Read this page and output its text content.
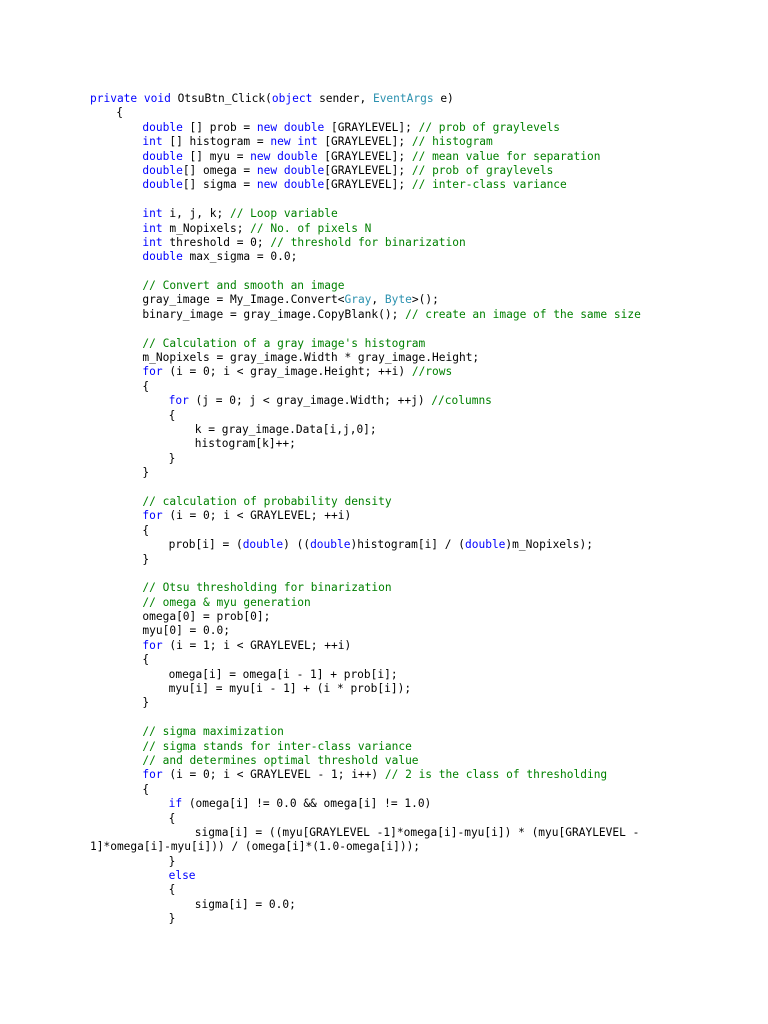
private void OtsuBtn_Click(object sender, EventArgs e)
{
double [] prob = new double [GRAYLEVEL]; // prob of graylevels
int [] histogram = new int [GRAYLEVEL]; // histogram
double [] myu = new double [GRAYLEVEL]; // mean value for separation
double[] omega = new double[GRAYLEVEL]; // prob of graylevels
double[] sigma = new double[GRAYLEVEL]; // inter-class variance
int i, j, k; // Loop variable
int m_Nopixels; // No. of pixels N
int threshold = 0; // threshold for binarization
double max_sigma = 0.0;
// Convert and smooth an image
gray_image = My_Image.Convert<Gray, Byte>();
binary_image = gray_image.CopyBlank(); // create an image of the same size
// Calculation of a gray image's histogram
m_Nopixels = gray_image.Width * gray_image.Height;
for (i = 0; i < gray_image.Height; ++i) //rows
{
for (j = 0; j < gray_image.Width; ++j) //columns
{
k = gray_image.Data[i,j,0];
histogram[k]++;
}
}
// calculation of probability density
for (i = 0; i < GRAYLEVEL; ++i)
{
prob[i] = (double) ((double)histogram[i] / (double)m_Nopixels);
}
// Otsu thresholding for binarization
// omega & myu generation
omega[0] = prob[0];
myu[0] = 0.0;
for (i = 1; i < GRAYLEVEL; ++i)
{
omega[i] = omega[i - 1] + prob[i];
myu[i] = myu[i - 1] + (i * prob[i]);
}
// sigma maximization
// sigma stands for inter-class variance
// and determines optimal threshold value
for (i = 0; i < GRAYLEVEL - 1; i++) // 2 is the class of thresholding
{
if (omega[i] != 0.0 && omega[i] != 1.0)
{
sigma[i] = ((myu[GRAYLEVEL -1]*omega[i]-myu[i]) * (myu[GRAYLEVEL -
1]*omega[i]-myu[i])) / (omega[i]*(1.0-omega[i]));
}
else
{
sigma[i] = 0.0;
}
